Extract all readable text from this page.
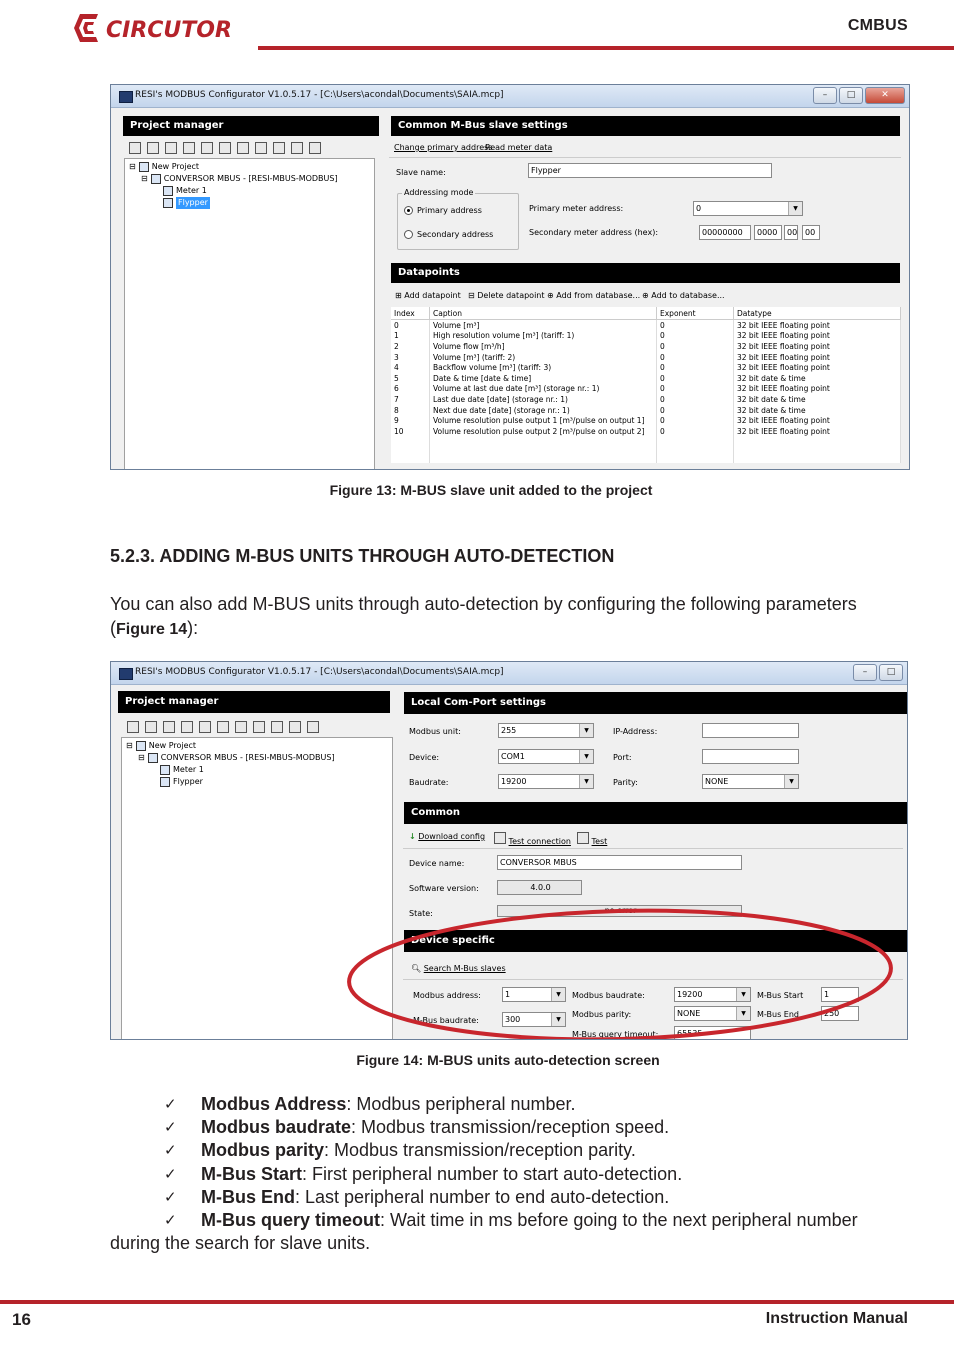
CIRCUTOR	CMBUS
RESI's MODBUS Configurator V1.0.5.17 - [C:\Users\acondal\Documents\SAIA.mcp]	–	□	✕
Project manager
⊟ New Project
⊟ CONVERSOR MBUS - [RESI-MBUS-MODBUS]
Meter 1
Flypper
Common M-Bus slave settings
Change primary address
Read meter data
Slave name:	Flypper
Addressing mode
Primary address
Secondary address
Primary meter address:	0	▼
Secondary meter address (hex):	00000000	0000	00 00
Datapoints
⊞ Add datapoint ⊟ Delete datapoint ⊕ Add from database... ⊕ Add to database...
Index	Caption	Exponent	Datatype
0	Volume [m³]	0	32 bit IEEE floating point
1	High resolution volume [m³] (tariff: 1)	0	32 bit IEEE floating point
2	Volume flow [m³/h]	0	32 bit IEEE floating point
3	Volume [m³] (tariff: 2)	0	32 bit IEEE floating point
4	Backflow volume [m³] (tariff: 3)	0	32 bit IEEE floating point
5	Date & time [date & time]	0	32 bit date & time
6	Volume at last due date [m³] (storage nr.: 1)	0	32 bit IEEE floating point
7	Last due date [date] (storage nr.: 1)	0	32 bit date & time
8	Next due date [date] (storage nr.: 1)	0	32 bit date & time
9	Volume resolution pulse output 1 [m³/pulse on output 1]	0	32 bit IEEE floating point
10	Volume resolution pulse output 2 [m³/pulse on output 2]	0	32 bit IEEE floating point

Figure 13: M-BUS slave unit added to the project
5.2.3. ADDING M-BUS UNITS THROUGH AUTO-DETECTION
You can also add M-BUS units through auto-detection by configuring the following parameters (Figure 14):
RESI's MODBUS Configurator V1.0.5.17 - [C:\Users\acondal\Documents\SAIA.mcp]	–	□
Project manager
⊟ New Project
⊟ CONVERSOR MBUS - [RESI-MBUS-MODBUS]
Meter 1
Flypper
Local Com-Port settings
Modbus unit:	255	▼	IP-Address:
Device:	COM1	▼	Port:
Baudrate:	19200	▼	Parity:	NONE	▼
Common
↓ Download config
Test connection	Test
Device name:	CONVERSOR MBUS
Software version:	4.0.0
State:	no error
Device specific
🔍︎ Search M-Bus slaves
Modbus address:	1	▼
M-Bus baudrate:	300	▼
Modbus baudrate:	19200	▼
Modbus parity:	NONE	▼
M-Bus query timeout:	65535
M-Bus Start	1
M-Bus End	250
Figure 14: M-BUS units auto-detection screen
✓ Modbus Address: Modbus peripheral number.
✓ Modbus baudrate: Modbus transmission/reception speed.
✓ Modbus parity: Modbus transmission/reception parity.
✓ M-Bus Start: First peripheral number to start auto-detection.
✓ M-Bus End: Last peripheral number to end auto-detection.
✓ M-Bus query timeout: Wait time in ms before going to the next peripheral number during the search for slave units.
16	Instruction Manual
